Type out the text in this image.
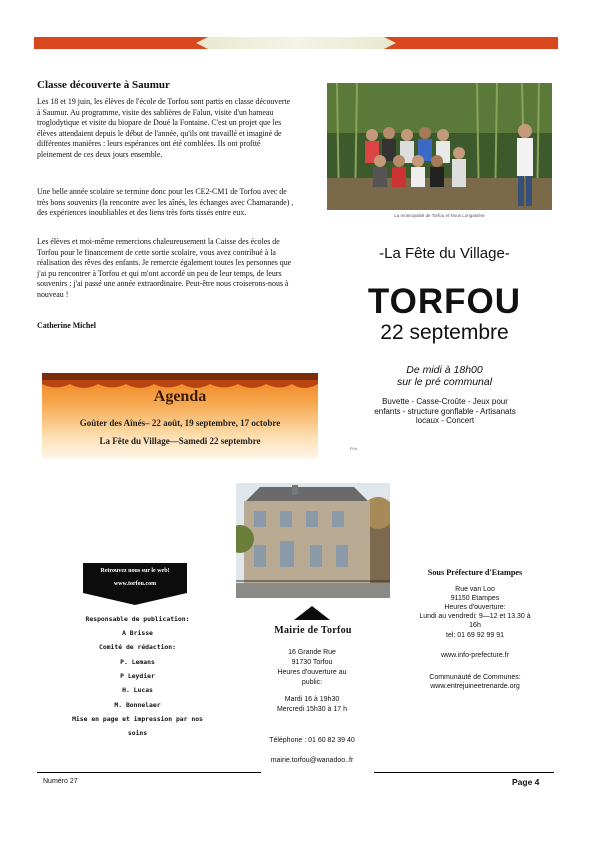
Classe découverte à Saumur

Les 18 et 19 juin, les élèves de l'école de Torfou sont partis en classe découverte à Saumur. Au programme, visite des sablières de Falun, visite d'un hameau troglodytique et visite du biopare de Doué la Fontaine. C'est un projet que les élèves attendaient depuis le début de l'année, qu'ils ont travaillé et imaginé de différentes manières : leurs espérances ont été comblées. Ils ont profité pleinement de ces deux jours ensemble.

Une belle année scolaire se termine donc pour les CE2-CM1 de Torfou avec de très bons souvenirs (la rencontre avec les aînés, les échanges avec Chamarande) , des expériences inoubliables et des liens très forts tissés entre eux.

Les élèves et moi-même remercions chaleureusement la Caisse des écoles de Torfou pour le financement de cette sortie scolaire, vous avez contribué à la réalisation des rêves des enfants. Je remercie également toutes les personnes que j'ai pu rencontrer à Torfou et qui m'ont accordé un peu de leur temps, de leurs souvenirs : j'ai passé une année extraordinaire. Peut-être nous croiserons-nous à nouveau !

Catherine Michel
La municipalité de Torfou et Nous Longanière
-La Fête du Village-
TORFOU
22 septembre
De midi à 18h00
sur le pré communal
Buvette - Casse-Croûte - Jeux pour
enfants - structure gonflable - Artisanats
locaux - Concert
Pl.b.
Agenda
Goûter des Aînés– 22 août, 19 septembre, 17 octobre
La Fête du Village—Samedi 22 septembre
Retrouvez nous sur le web!
www.torfou.com
Responsable de publication:
A Brisse
Comité de rédaction:
P. Lemans
P Leydier
H. Lucas
M. Bonnelaer
Mise en page et impression par nos
soins
Mairie de Torfou
16 Grande Rue
91730 Torfou
Heures d'ouverture au
public:
Mardi 16 à 19h30
Mercredi 15h30 à 17 h
Téléphone : 01 60 82 39 40
mairie.torfou@wanadoo..fr
Sous Préfecture d'Etampes
Rue van Loo
91150 Etampes
Heures d'ouverture:
Lundi au vendredi: 9—12 et 13.30 à
16h
tel: 01 69 92 99 91
www.info-prefecture.fr
Communauté de Communes:
www.entrejuineetrenarde.org
Numéro 27	Page 4
